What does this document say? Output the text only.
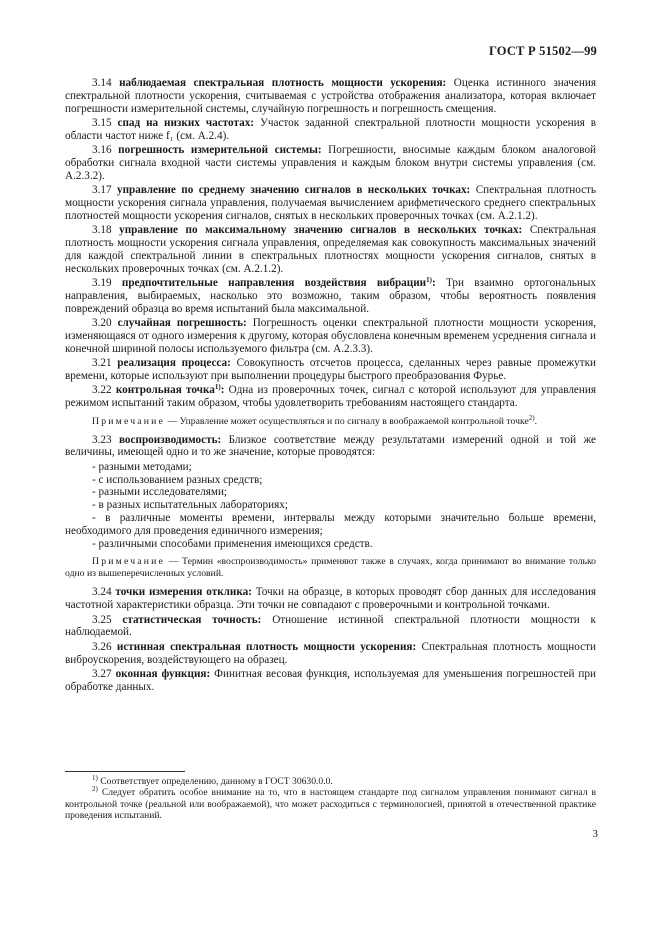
ГОСТ Р 51502—99

3.14 наблюдаемая спектральная плотность мощности ускорения: Оценка истинного значения спектральной плотности ускорения, считываемая с устройства отображения анализатора, которая включает погрешности измерительной системы, случайную погрешность и погрешность смещения.

3.15 спад на низких частотах: Участок заданной спектральной плотности мощности ускорения в области частот ниже f₁ (см. А.2.4).

3.16 погрешность измерительной системы: Погрешности, вносимые каждым блоком аналоговой обработки сигнала входной части системы управления и каждым блоком внутри системы управления (см. А.2.3.2).

3.17 управление по среднему значению сигналов в нескольких точках: Спектральная плотность мощности ускорения сигнала управления, получаемая вычислением арифметического среднего спектральных плотностей мощности ускорения сигналов, снятых в нескольких проверочных точках (см. А.2.1.2).

3.18 управление по максимальному значению сигналов в нескольких точках: Спектральная плотность мощности ускорения сигнала управления, определяемая как совокупность максимальных значений для каждой спектральной линии в спектральных плотностях мощности ускорения сигналов, снятых в нескольких проверочных точках (см. А.2.1.2).

3.19 предпочтительные направления воздействия вибрации$^{1)}$: Три взаимно ортогональных направления, выбираемых, насколько это возможно, таким образом, чтобы вероятность появления повреждений образца во время испытаний была максимальной.

3.20 случайная погрешность: Погрешность оценки спектральной плотности мощности ускорения, изменяющаяся от одного измерения к другому, которая обусловлена конечным временем усреднения сигнала и конечной шириной полосы используемого фильтра (см. А.2.3.3).

3.21 реализация процесса: Совокупность отсчетов процесса, сделанных через равные промежутки времени, которые используют при выполнении процедуры быстрого преобразования Фурье.

3.22 контрольная точка$^{1)}$: Одна из проверочных точек, сигнал с которой используют для управления режимом испытаний таким образом, чтобы удовлетворить требованиям настоящего стандарта.

Примечание — Управление может осуществляться и по сигналу в воображаемой контрольной точке$^{2)}$.

3.23 воспроизводимость: Близкое соответствие между результатами измерений одной и той же величины, имеющей одно и то же значение, которые проводятся:

- разными методами;

- с использованием разных средств;

- разными исследователями;

- в разных испытательных лабораториях;

- в различные моменты времени, интервалы между которыми значительно больше времени, необходимого для проведения единичного измерения;

- различными способами применения имеющихся средств.

Примечание — Термин «воспроизводимость» применяют также в случаях, когда принимают во внимание только одно из вышеперечисленных условий.

3.24 точки измерения отклика: Точки на образце, в которых проводят сбор данных для исследования частотной характеристики образца. Эти точки не совпадают с проверочными и контрольной точками.

3.25 статистическая точность: Отношение истинной спектральной плотности мощности к наблюдаемой.

3.26 истинная спектральная плотность мощности ускорения: Спектральная плотность мощности виброускорения, воздействующего на образец.

3.27 оконная функция: Финитная весовая функция, используемая для уменьшения погрешностей при обработке данных.

$^{1)}$ Соответствует определению, данному в ГОСТ 30630.0.0.

$^{2)}$ Следует обратить особое внимание на то, что в настоящем стандарте под сигналом управления понимают сигнал в контрольной точке (реальной или воображаемой), что может расходиться с терминологией, принятой в отечественной практике проведения испытаний.

3
